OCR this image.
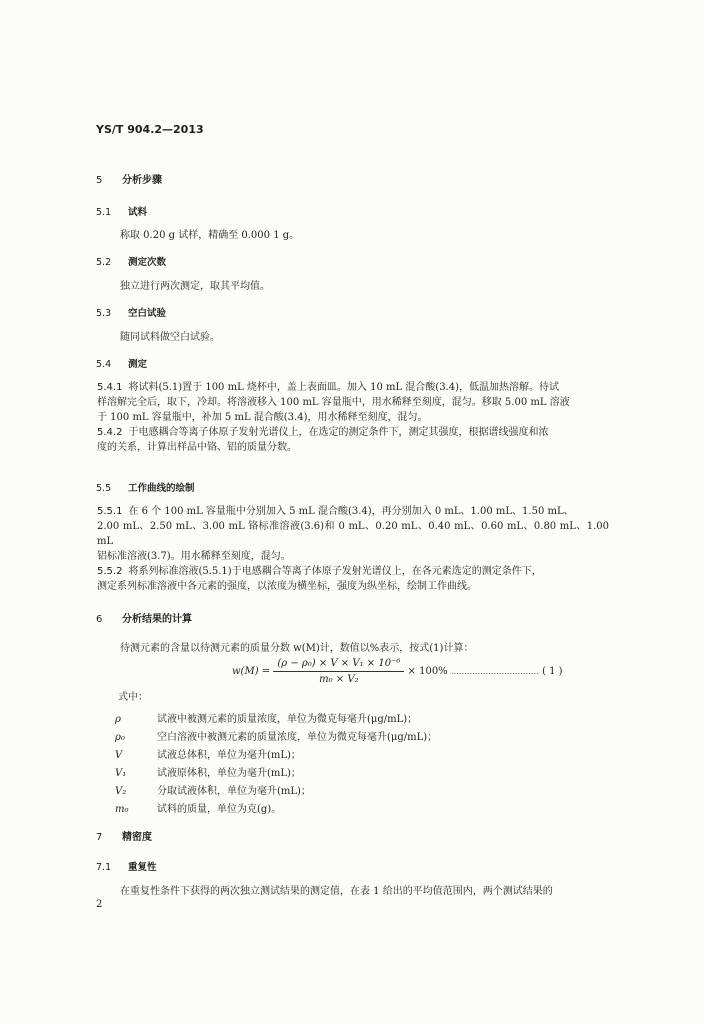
YS/T 904.2—2013
5 分析步骤
5.1 试料
称取 0.20 g 试样，精确至 0.000 1 g。
5.2 测定次数
独立进行两次测定，取其平均值。
5.3 空白试验
随同试料做空白试验。
5.4 测定
5.4.1 将试料(5.1)置于 100 mL 烧杯中，盖上表面皿。加入 10 mL 混合酸(3.4)，低温加热溶解。待试
样溶解完全后，取下，冷却。将溶液移入 100 mL 容量瓶中，用水稀释至刻度，混匀。移取 5.00 mL 溶液
于 100 mL 容量瓶中，补加 5 mL 混合酸(3.4)，用水稀释至刻度，混匀。
5.4.2 于电感耦合等离子体原子发射光谱仪上，在选定的测定条件下，测定其强度，根据谱线强度和浓
度的关系，计算出样品中铬、铝的质量分数。
5.5 工作曲线的绘制
5.5.1 在 6 个 100 mL 容量瓶中分别加入 5 mL 混合酸(3.4)，再分别加入 0 mL、1.00 mL、1.50 mL、
2.00 mL、2.50 mL、3.00 mL 铬标准溶液(3.6)和 0 mL、0.20 mL、0.40 mL、0.60 mL、0.80 mL、1.00 mL
铝标准溶液(3.7)。用水稀释至刻度，混匀。
5.5.2 将系列标准溶液(5.5.1)于电感耦合等离子体原子发射光谱仪上，在各元素选定的测定条件下，
测定系列标准溶液中各元素的强度，以浓度为横坐标，强度为纵坐标，绘制工作曲线。
6 分析结果的计算
待测元素的含量以待测元素的质量分数 w(M)计，数值以%表示，按式(1)计算：
$w(M) = \frac{\text{(ρ − ρ₀) × V × V₁ × 10⁻⁶}}{\text{m₀ × V₂}} \times 100\%$ …………………………… ( 1 )
式中：
ρ	试液中被测元素的质量浓度，单位为微克每毫升(μg/mL)；
ρ₀	空白溶液中被测元素的质量浓度，单位为微克每毫升(μg/mL)；
V	试液总体积，单位为毫升(mL)；
V₁	试液原体积，单位为毫升(mL)；
V₂	分取试液体积，单位为毫升(mL)；
m₀	试料的质量，单位为克(g)。
7 精密度
7.1 重复性
在重复性条件下获得的两次独立测试结果的测定值，在表 1 给出的平均值范围内，两个测试结果的
2
